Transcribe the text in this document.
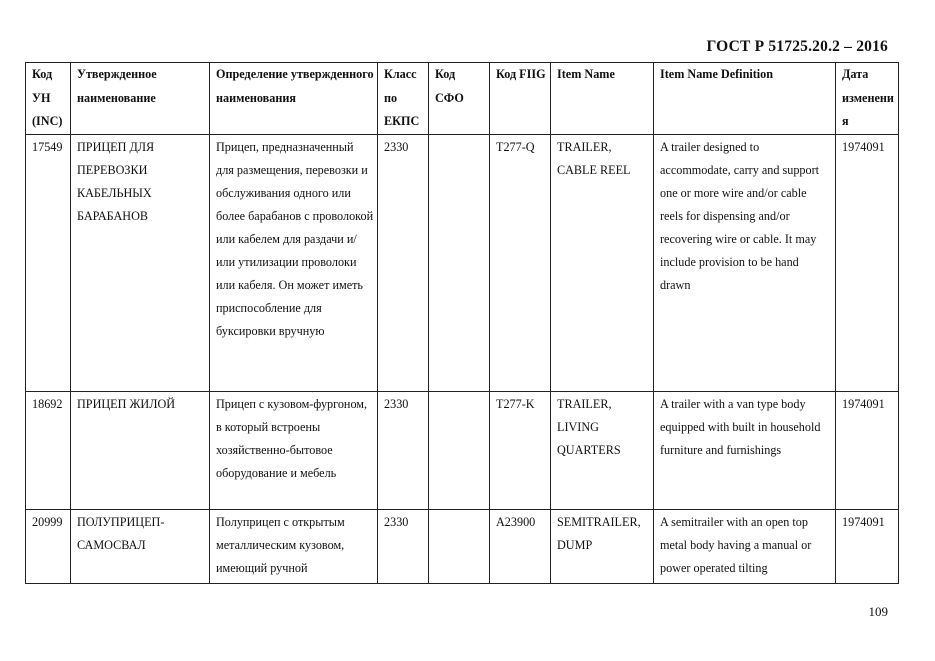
ГОСТ Р 51725.20.2 – 2016
Код УН (INC)	Утвержденное наименование	Определение утвержденного наименования	Класс по ЕКПС	Код СФО	Код FIIG	Item Name	Item Name Definition	Дата изменения
17549	ПРИЦЕП ДЛЯ ПЕРЕВОЗКИ КАБЕЛЬНЫХ БАРАБАНОВ	Прицеп, предназначенный для размещения, перевозки и обслуживания одного или более барабанов с проволокой или кабелем для раздачи и/или утилизации проволоки или кабеля. Он может иметь приспособление для буксировки вручную	2330		T277-Q	TRAILER, CABLE REEL	A trailer designed to accommodate, carry and support one or more wire and/or cable reels for dispensing and/or recovering wire or cable. It may include provision to be hand drawn	1974091
18692	ПРИЦЕП ЖИЛОЙ	Прицеп с кузовом-фургоном, в который встроены хозяйственно-бытовое оборудование и мебель	2330		T277-K	TRAILER, LIVING QUARTERS	A trailer with a van type body equipped with built in household furniture and furnishings	1974091
20999	ПОЛУПРИЦЕП-САМОСВАЛ	Полуприцеп с открытым металлическим кузовом, имеющий ручной	2330		A23900	SEMITRAILER, DUMP	A semitrailer with an open top metal body having a manual or power operated tilting	1974091
109
